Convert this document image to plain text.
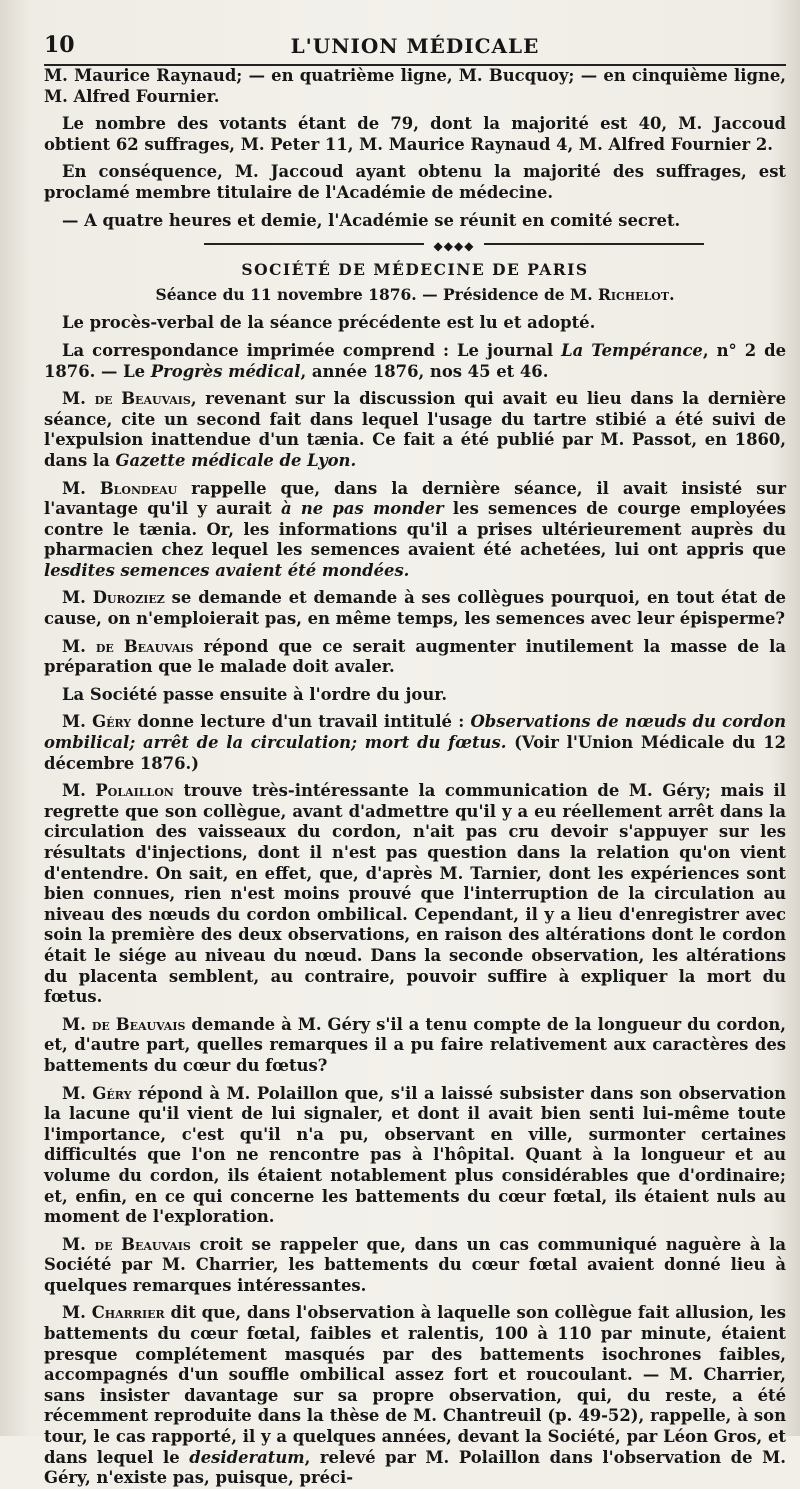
10	L'UNION MÉDICALE

M. Maurice Raynaud; — en quatrième ligne, M. Bucquoy; — en cinquième ligne, M. Alfred Fournier.

Le nombre des votants étant de 79, dont la majorité est 40, M. Jaccoud obtient 62 suffrages, M. Peter 11, M. Maurice Raynaud 4, M. Alfred Fournier 2.

En conséquence, M. Jaccoud ayant obtenu la majorité des suffrages, est proclamé membre titulaire de l'Académie de médecine.

— A quatre heures et demie, l'Académie se réunit en comité secret.

◆◆◆◆
SOCIÉTÉ DE MÉDECINE DE PARIS
Séance du 11 novembre 1876. — Présidence de M. Richelot.

Le procès-verbal de la séance précédente est lu et adopté.

La correspondance imprimée comprend : Le journal La Tempérance, n° 2 de 1876. — Le Progrès médical, année 1876, nos 45 et 46.

M. de Beauvais, revenant sur la discussion qui avait eu lieu dans la dernière séance, cite un second fait dans lequel l'usage du tartre stibié a été suivi de l'expulsion inattendue d'un tænia. Ce fait a été publié par M. Passot, en 1860, dans la Gazette médicale de Lyon.

M. Blondeau rappelle que, dans la dernière séance, il avait insisté sur l'avantage qu'il y aurait à ne pas monder les semences de courge employées contre le tænia. Or, les informations qu'il a prises ultérieurement auprès du pharmacien chez lequel les semences avaient été achetées, lui ont appris que lesdites semences avaient été mondées.

M. Duroziez se demande et demande à ses collègues pourquoi, en tout état de cause, on n'emploierait pas, en même temps, les semences avec leur épisperme?

M. de Beauvais répond que ce serait augmenter inutilement la masse de la préparation que le malade doit avaler.

La Société passe ensuite à l'ordre du jour.

M. Géry donne lecture d'un travail intitulé : Observations de nœuds du cordon ombilical; arrêt de la circulation; mort du fœtus. (Voir l'Union Médicale du 12 décembre 1876.)

M. Polaillon trouve très-intéressante la communication de M. Géry; mais il regrette que son collègue, avant d'admettre qu'il y a eu réellement arrêt dans la circulation des vaisseaux du cordon, n'ait pas cru devoir s'appuyer sur les résultats d'injections, dont il n'est pas question dans la relation qu'on vient d'entendre. On sait, en effet, que, d'après M. Tarnier, dont les expériences sont bien connues, rien n'est moins prouvé que l'interruption de la circulation au niveau des nœuds du cordon ombilical. Cependant, il y a lieu d'enregistrer avec soin la première des deux observations, en raison des altérations dont le cordon était le siége au niveau du nœud. Dans la seconde observation, les altérations du placenta semblent, au contraire, pouvoir suffire à expliquer la mort du fœtus.

M. de Beauvais demande à M. Géry s'il a tenu compte de la longueur du cordon, et, d'autre part, quelles remarques il a pu faire relativement aux caractères des battements du cœur du fœtus?

M. Géry répond à M. Polaillon que, s'il a laissé subsister dans son observation la lacune qu'il vient de lui signaler, et dont il avait bien senti lui-même toute l'importance, c'est qu'il n'a pu, observant en ville, surmonter certaines difficultés que l'on ne rencontre pas à l'hôpital. Quant à la longueur et au volume du cordon, ils étaient notablement plus considérables que d'ordinaire; et, enfin, en ce qui concerne les battements du cœur fœtal, ils étaient nuls au moment de l'exploration.

M. de Beauvais croit se rappeler que, dans un cas communiqué naguère à la Société par M. Charrier, les battements du cœur fœtal avaient donné lieu à quelques remarques intéressantes.

M. Charrier dit que, dans l'observation à laquelle son collègue fait allusion, les battements du cœur fœtal, faibles et ralentis, 100 à 110 par minute, étaient presque complétement masqués par des battements isochrones faibles, accompagnés d'un souffle ombilical assez fort et roucoulant. — M. Charrier, sans insister davantage sur sa propre observation, qui, du reste, a été récemment reproduite dans la thèse de M. Chantreuil (p. 49-52), rappelle, à son tour, le cas rapporté, il y a quelques années, devant la Société, par Léon Gros, et dans lequel le desideratum, relevé par M. Polaillon dans l'observation de M. Géry, n'existe pas, puisque, préci-
